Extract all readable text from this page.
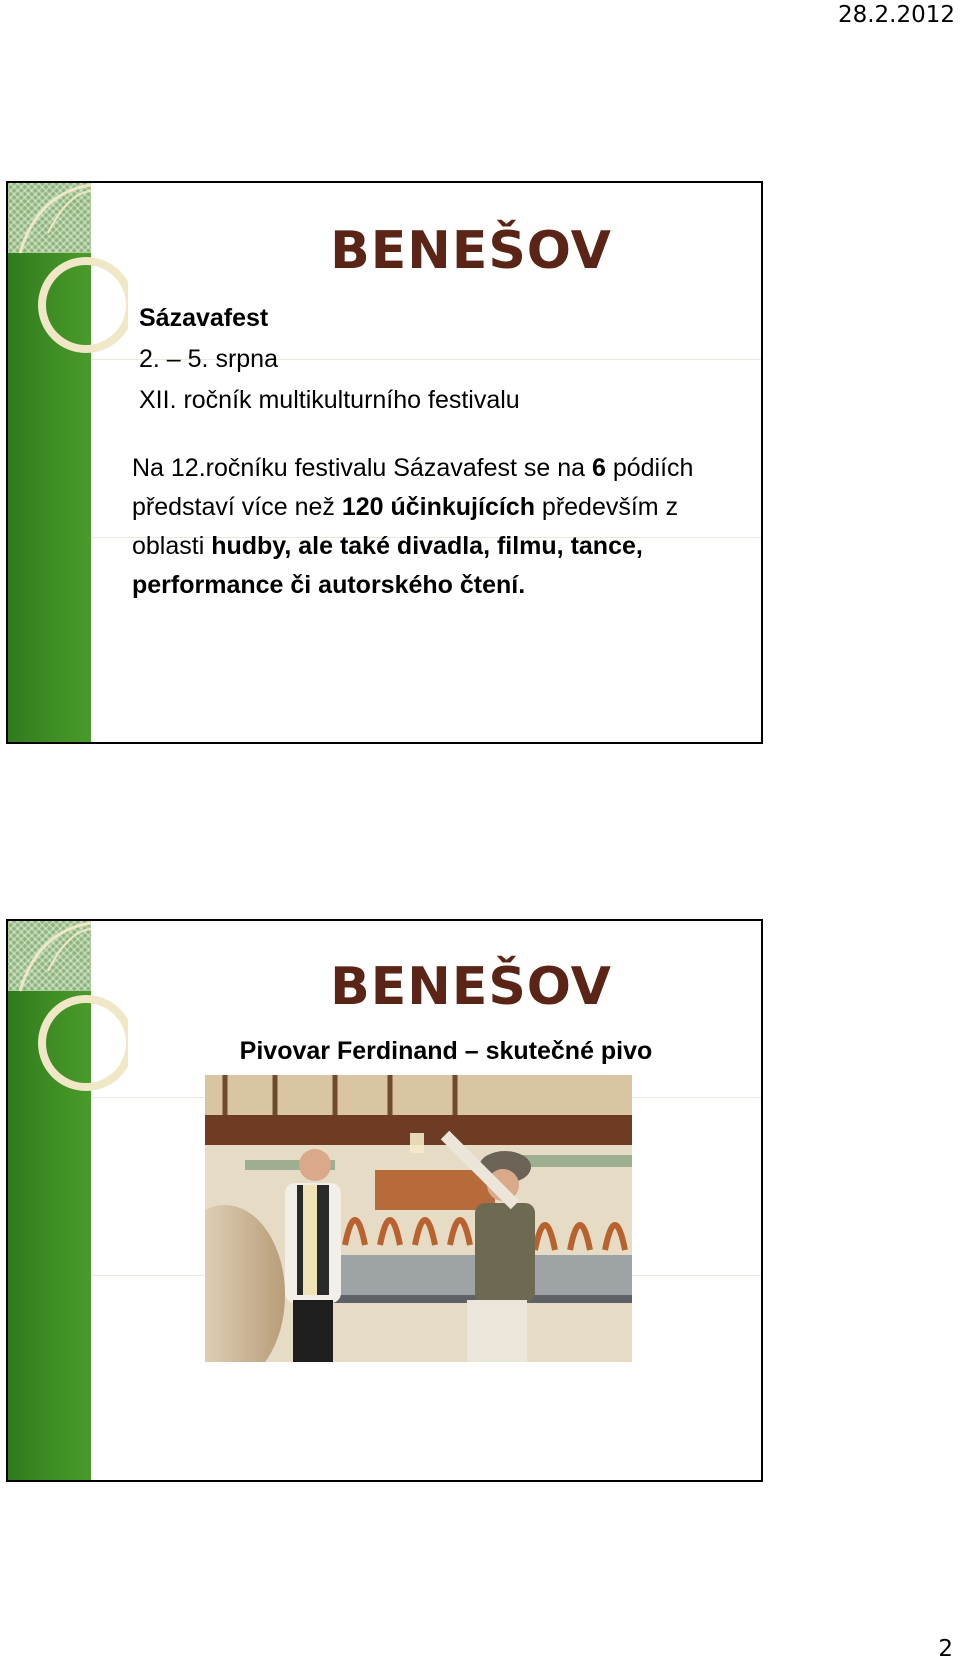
28.2.2012
BENEŠOV
Sázavafest
2. – 5. srpna
XII. ročník multikulturního festivalu
Na 12.ročníku festivalu Sázavafest se na 6 pódiích představí více než 120 účinkujících především z oblasti hudby, ale také divadla, filmu, tance, performance či autorského čtení.
BENEŠOV
Pivovar Ferdinand – skutečné pivo
2
